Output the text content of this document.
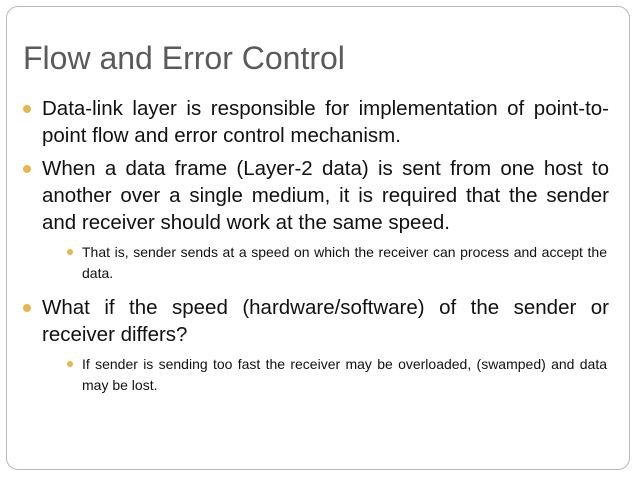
Flow and Error Control
Data-link layer is responsible for implementation of point-to-point flow and error control mechanism.
When a data frame (Layer-2 data) is sent from one host to another over a single medium, it is required that the sender and receiver should work at the same speed.
That is, sender sends at a speed on which the receiver can process and accept the data.
What if the speed (hardware/software) of the sender or receiver differs?
If sender is sending too fast the receiver may be overloaded, (swamped) and data may be lost.
